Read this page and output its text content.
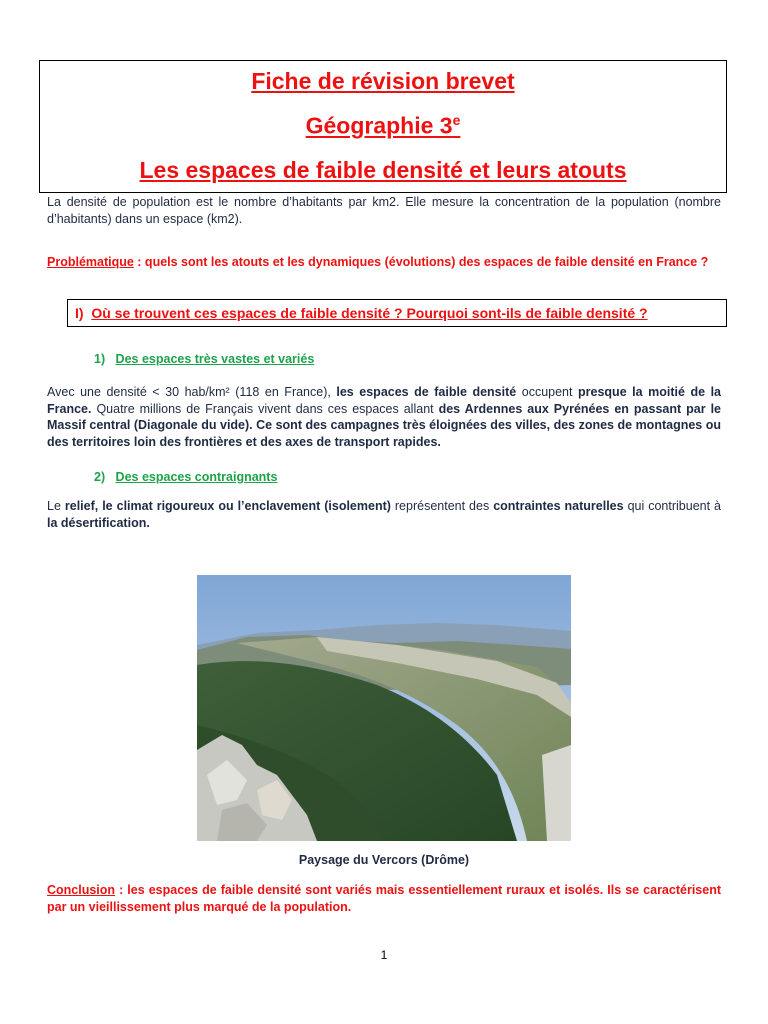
Fiche de révision brevet
Géographie 3e
Les espaces de faible densité et leurs atouts

La densité de population est le nombre d’habitants par km2. Elle mesure la concentration de la population (nombre d’habitants) dans un espace (km2).

Problématique : quels sont les atouts et les dynamiques (évolutions) des espaces de faible densité en France ?

I) Où se trouvent ces espaces de faible densité ? Pourquoi sont-ils de faible densité ?
1) Des espaces très vastes et variés

Avec une densité < 30 hab/km² (118 en France), les espaces de faible densité occupent presque la moitié de la France. Quatre millions de Français vivent dans ces espaces allant des Ardennes aux Pyrénées en passant par le Massif central (Diagonale du vide). Ce sont des campagnes très éloignées des villes, des zones de montagnes ou des territoires loin des frontières et des axes de transport rapides.

2) Des espaces contraignants

Le relief, le climat rigoureux ou l’enclavement (isolement) représentent des contraintes naturelles qui contribuent à la désertification.

Paysage du Vercors (Drôme)

Conclusion : les espaces de faible densité sont variés mais essentiellement ruraux et isolés. Ils se caractérisent par un vieillissement plus marqué de la population.

1
